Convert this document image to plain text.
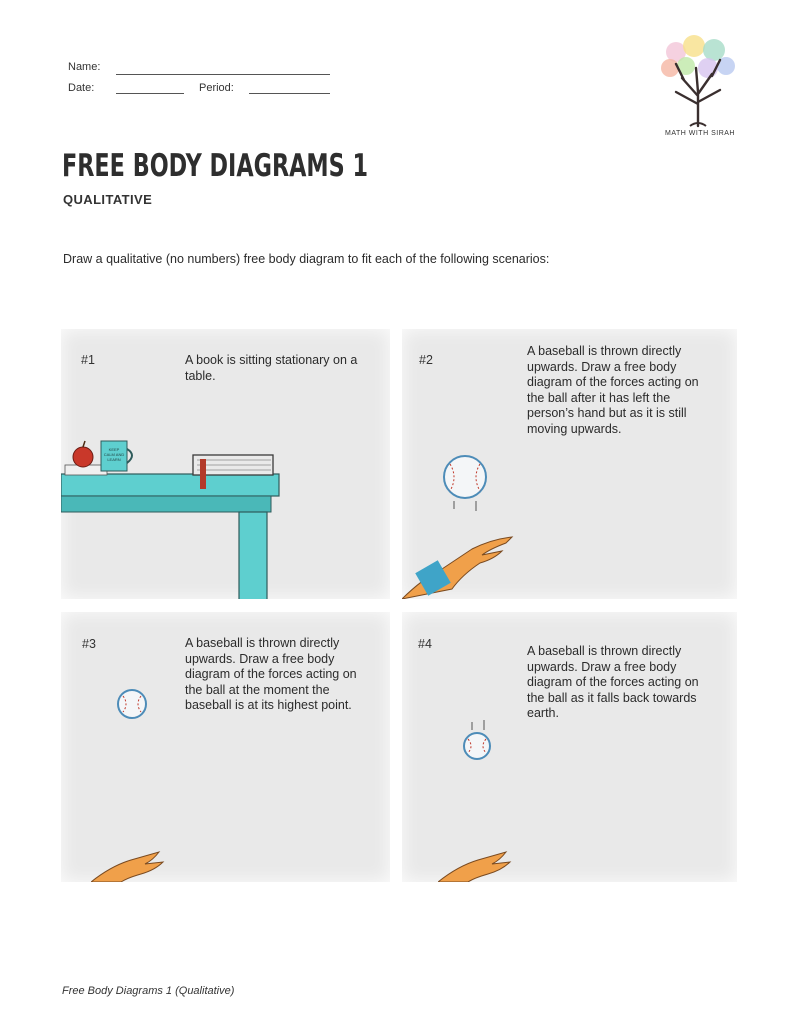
Name:
Date:	Period:
MATH WITH SIRAH
FREE BODY DIAGRAMS 1
QUALITATIVE
Draw a qualitative (no numbers) free body diagram to fit each of the following scenarios:
#1	A book is sitting stationary on a table.
KEEP CALM AND LEARN
#2
A baseball is thrown directly upwards. Draw a free body diagram of the forces acting on the ball after it has left the person’s hand but as it is still moving upwards.
#3	A baseball is thrown directly upwards. Draw a free body diagram of the forces acting on the ball at the moment the baseball is at its highest point.
#4	A baseball is thrown directly upwards. Draw a free body diagram of the forces acting on the ball as it falls back towards earth.
Free Body Diagrams 1 (Qualitative)
